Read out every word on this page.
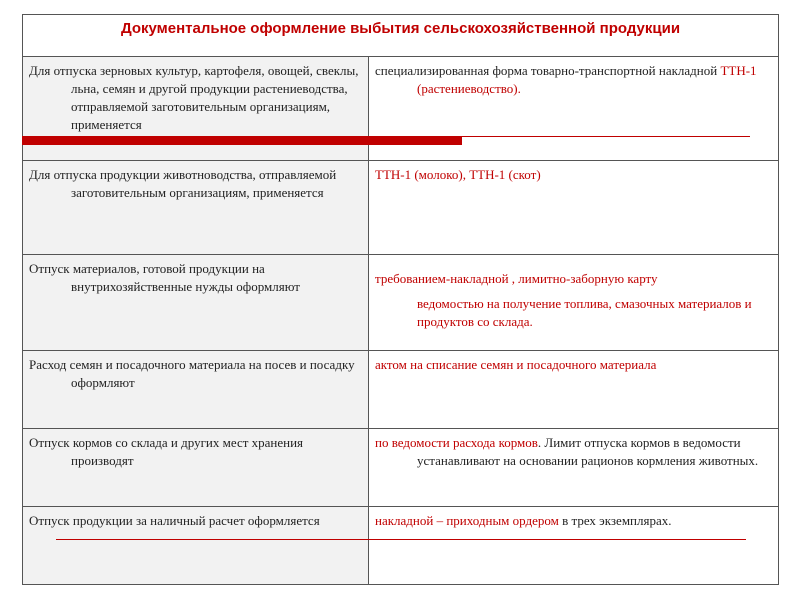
Документальное оформление выбытия сельскохозяйственной продукции	

Для отпуска зерновых культур, картофеля, овощей, свеклы, льна, семян и другой продукции растениеводства, отправляемой заготовительным организациям, применяется	специализированная форма товарно-транспортной накладной ТТН-1 (растениеводство).

Для отпуска продукции животноводства, отправляемой заготовительным организациям, применяется	ТТН-1 (молоко), ТТН-1 (скот)

Отпуск материалов, готовой продукции на внутрихозяйственные нужды оформляют	требованием-накладной , лимитно-заборную карту
ведомостью на получение топлива, смазочных материалов и продуктов со склада.

Расход семян и посадочного материала на посев и посадку оформляют	актом на списание семян и посадочного материала

Отпуск кормов со склада и других мест хранения производят	по ведомости расхода кормов. Лимит отпуска кормов в ведомости устанавливают на основании рационов кормления животных.

Отпуск продукции за наличный расчет оформляется	накладной – приходным ордером в трех экземплярах.
